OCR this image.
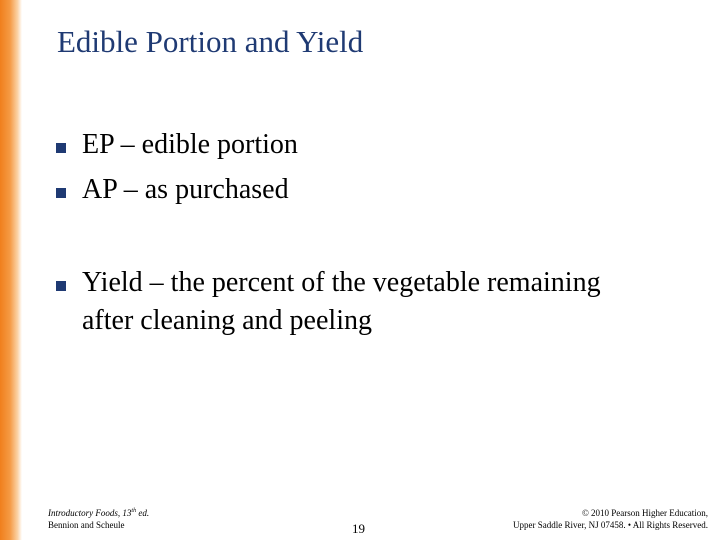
Edible Portion and Yield
EP – edible portion
AP – as purchased
Yield – the percent of the vegetable remaining
after cleaning and peeling
Introductory Foods, 13th ed.
Bennion and Scheule	19
© 2010 Pearson Higher Education,
Upper Saddle River, NJ 07458. • All Rights Reserved.
